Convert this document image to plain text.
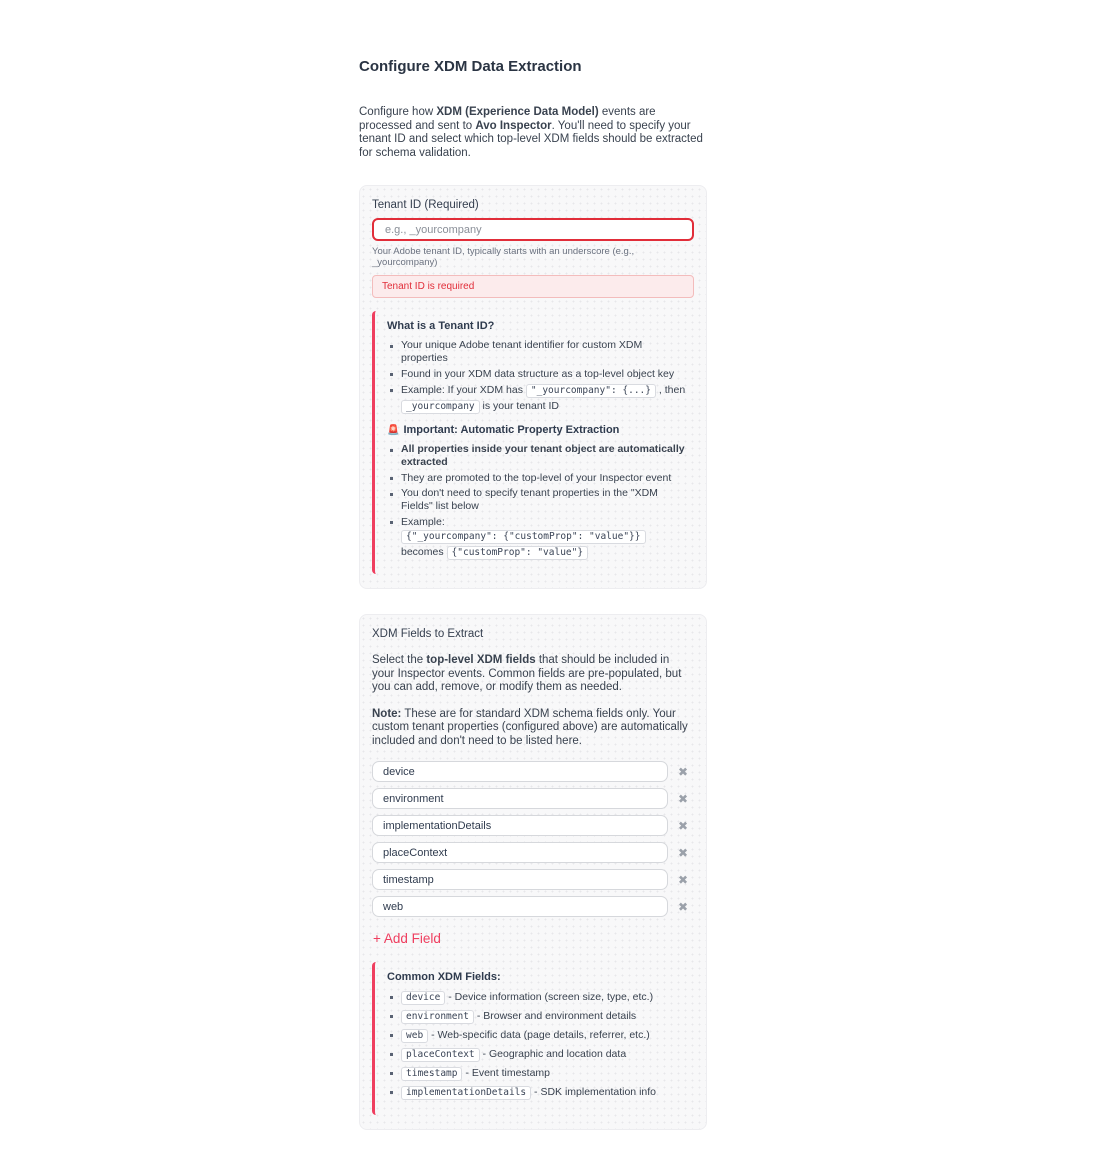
Configure XDM Data Extraction

Configure how XDM (Experience Data Model) events are processed and sent to Avo Inspector. You'll need to specify your tenant ID and select which top-level XDM fields should be extracted for schema validation.

Tenant ID (Required)
e.g., _yourcompany
Your Adobe tenant ID, typically starts with an underscore (e.g., _yourcompany)
Tenant ID is required
What is a Tenant ID?
Your unique Adobe tenant identifier for custom XDM properties
Found in your XDM data structure as a top-level object key
Example: If your XDM has "_yourcompany": {...} , then _yourcompany is your tenant ID
🚨 Important: Automatic Property Extraction
All properties inside your tenant object are automatically extracted
They are promoted to the top-level of your Inspector event
You don't need to specify tenant properties in the "XDM Fields" list below
Example: {"_yourcompany": {"customProp": "value"}} becomes {"customProp": "value"}
XDM Fields to Extract

Select the top-level XDM fields that should be included in your Inspector events. Common fields are pre-populated, but you can add, remove, or modify them as needed.

Note: These are for standard XDM schema fields only. Your custom tenant properties (configured above) are automatically included and don't need to be listed here.

device
✖
environment
✖
implementationDetails
✖
placeContext
✖
timestamp
✖
web
✖
+ Add Field
Common XDM Fields:
device - Device information (screen size, type, etc.)
environment - Browser and environment details
web - Web-specific data (page details, referrer, etc.)
placeContext - Geographic and location data
timestamp - Event timestamp
implementationDetails - SDK implementation info
